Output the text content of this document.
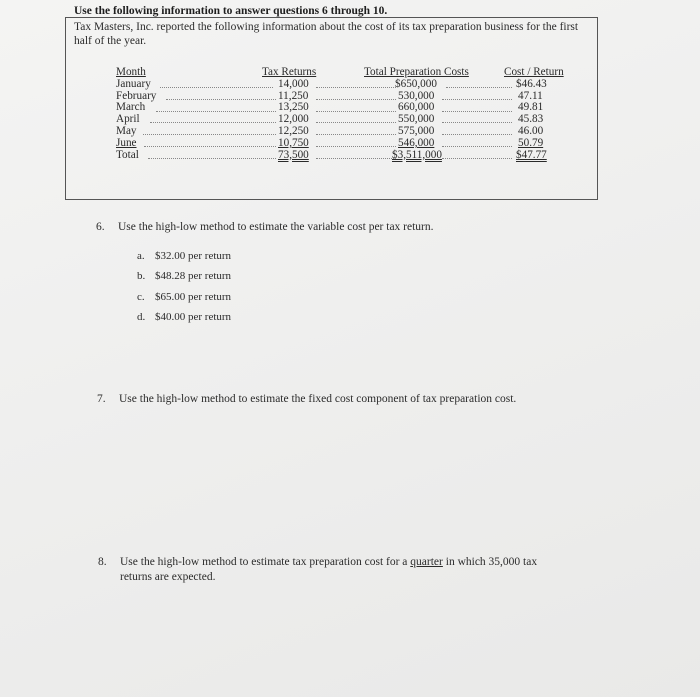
Use the following information to answer questions 6 through 10.
Tax Masters, Inc. reported the following information about the cost of its tax preparation business for the first half of the year.
Month
January
February
March
April
May
June
Total
Tax Returns
14,000
11,250
13,250
12,000
12,250
10,750
73,500
Total Preparation Costs
$650,000
530,000
660,000
550,000
575,000
546,000
$3,511,000
Cost / Return
$46.43
47.11
49.81
45.83
46.00
50.79
$47.77
6. Use the high-low method to estimate the variable cost per tax return.
a. $32.00 per return
b. $48.28 per return
c. $65.00 per return
d. $40.00 per return
7. Use the high-low method to estimate the fixed cost component of tax preparation cost.
8. Use the high-low method to estimate tax preparation cost for a quarter in which 35,000 tax
returns are expected.
